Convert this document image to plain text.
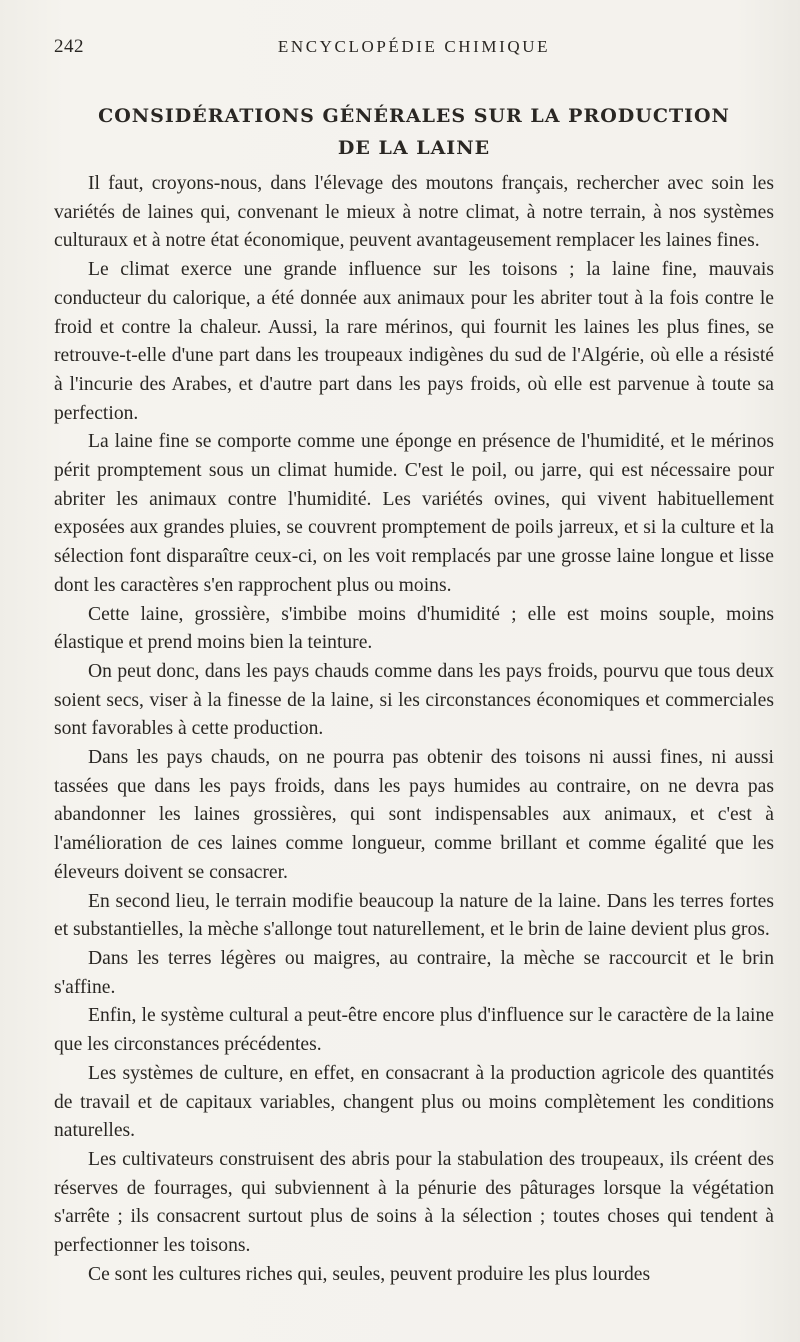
242	ENCYCLOPÉDIE CHIMIQUE
CONSIDÉRATIONS GÉNÉRALES SUR LA PRODUCTION
DE LA LAINE

Il faut, croyons-nous, dans l'élevage des moutons français, rechercher avec soin les variétés de laines qui, convenant le mieux à notre climat, à notre terrain, à nos systèmes culturaux et à notre état économique, peuvent avantageusement remplacer les laines fines.

Le climat exerce une grande influence sur les toisons ; la laine fine, mauvais conducteur du calorique, a été donnée aux animaux pour les abriter tout à la fois contre le froid et contre la chaleur. Aussi, la rare mérinos, qui fournit les laines les plus fines, se retrouve-t-elle d'une part dans les troupeaux indigènes du sud de l'Algérie, où elle a résisté à l'incurie des Arabes, et d'autre part dans les pays froids, où elle est parvenue à toute sa perfection.

La laine fine se comporte comme une éponge en présence de l'humidité, et le mérinos périt promptement sous un climat humide. C'est le poil, ou jarre, qui est nécessaire pour abriter les animaux contre l'humidité. Les variétés ovines, qui vivent habituellement exposées aux grandes pluies, se couvrent promptement de poils jarreux, et si la culture et la sélection font disparaître ceux-ci, on les voit remplacés par une grosse laine longue et lisse dont les caractères s'en rapprochent plus ou moins.

Cette laine, grossière, s'imbibe moins d'humidité ; elle est moins souple, moins élastique et prend moins bien la teinture.

On peut donc, dans les pays chauds comme dans les pays froids, pourvu que tous deux soient secs, viser à la finesse de la laine, si les circonstances économiques et commerciales sont favorables à cette production.

Dans les pays chauds, on ne pourra pas obtenir des toisons ni aussi fines, ni aussi tassées que dans les pays froids, dans les pays humides au contraire, on ne devra pas abandonner les laines grossières, qui sont indispensables aux animaux, et c'est à l'amélioration de ces laines comme longueur, comme brillant et comme égalité que les éleveurs doivent se consacrer.

En second lieu, le terrain modifie beaucoup la nature de la laine. Dans les terres fortes et substantielles, la mèche s'allonge tout naturellement, et le brin de laine devient plus gros.

Dans les terres légères ou maigres, au contraire, la mèche se raccourcit et le brin s'affine.

Enfin, le système cultural a peut-être encore plus d'influence sur le caractère de la laine que les circonstances précédentes.

Les systèmes de culture, en effet, en consacrant à la production agricole des quantités de travail et de capitaux variables, changent plus ou moins complètement les conditions naturelles.

Les cultivateurs construisent des abris pour la stabulation des troupeaux, ils créent des réserves de fourrages, qui subviennent à la pénurie des pâturages lorsque la végétation s'arrête ; ils consacrent surtout plus de soins à la sélection ; toutes choses qui tendent à perfectionner les toisons.

Ce sont les cultures riches qui, seules, peuvent produire les plus lourdes
